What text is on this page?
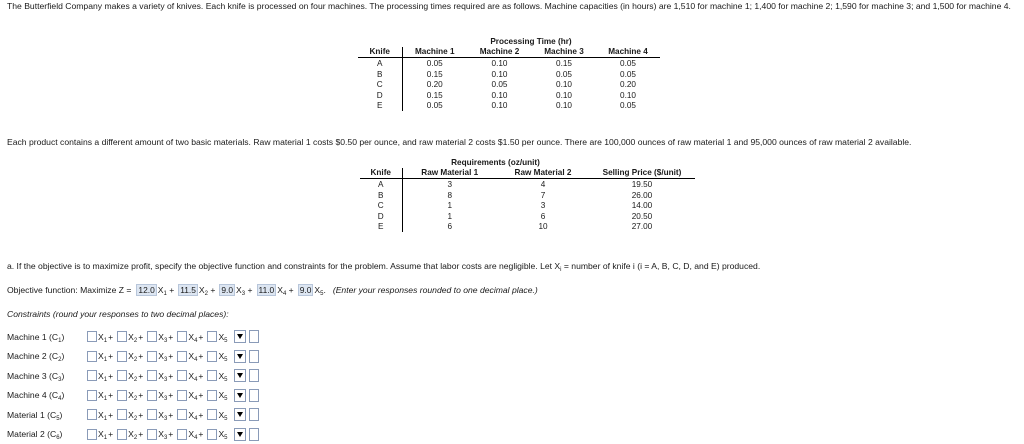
The Butterfield Company makes a variety of knives. Each knife is processed on four machines. The processing times required are as follows. Machine capacities (in hours) are 1,510 for machine 1; 1,400 for machine 2; 1,590 for machine 3; and 1,500 for machine 4.
	Processing Time (hr)			
Knife	Machine 1	Machine 2	Machine 3	Machine 4
A	0.05	0.10	0.15	0.05
B	0.15	0.10	0.05	0.05
C	0.20	0.05	0.10	0.20
D	0.15	0.10	0.10	0.10
E	0.05	0.10	0.10	0.05
Each product contains a different amount of two basic materials. Raw material 1 costs $0.50 per ounce, and raw material 2 costs $1.50 per ounce. There are 100,000 ounces of raw material 1 and 95,000 ounces of raw material 2 available.
	Requirements (oz/unit)		
Knife	Raw Material 1	Raw Material 2	Selling Price ($/unit)
A	3	4	19.50
B	8	7	26.00
C	1	3	14.00
D	1	6	20.50
E	6	10	27.00
a. If the objective is to maximize profit, specify the objective function and constraints for the problem. Assume that labor costs are negligible. Let $X_i$ = number of knife i (i = A, B, C, D, and E) produced.
Objective function: Maximize Z = 12.0 $X_1 + 11.5$ $X_2 + 9.0$ $X_3 + 11.0$ $X_4 + 9.0$ $X_5$. (Enter your responses rounded to one decimal place.)
Constraints (round your responses to two decimal places):
Machine 1 $(C_1)$	$X_1+ X_2+ X_3+ X_4+ X_5$
Machine 2 $(C_2)$	$X_1+ X_2+ X_3+ X_4+ X_5$
Machine 3 $(C_3)$	$X_1+ X_2+ X_3+ X_4+ X_5$
Machine 4 $(C_4)$	$X_1+ X_2+ X_3+ X_4+ X_5$
Material 1 $(C_5)$	$X_1+ X_2+ X_3+ X_4+ X_5$
Material 2 $(C_6)$	$X_1+ X_2+ X_3+ X_4+ X_5$
